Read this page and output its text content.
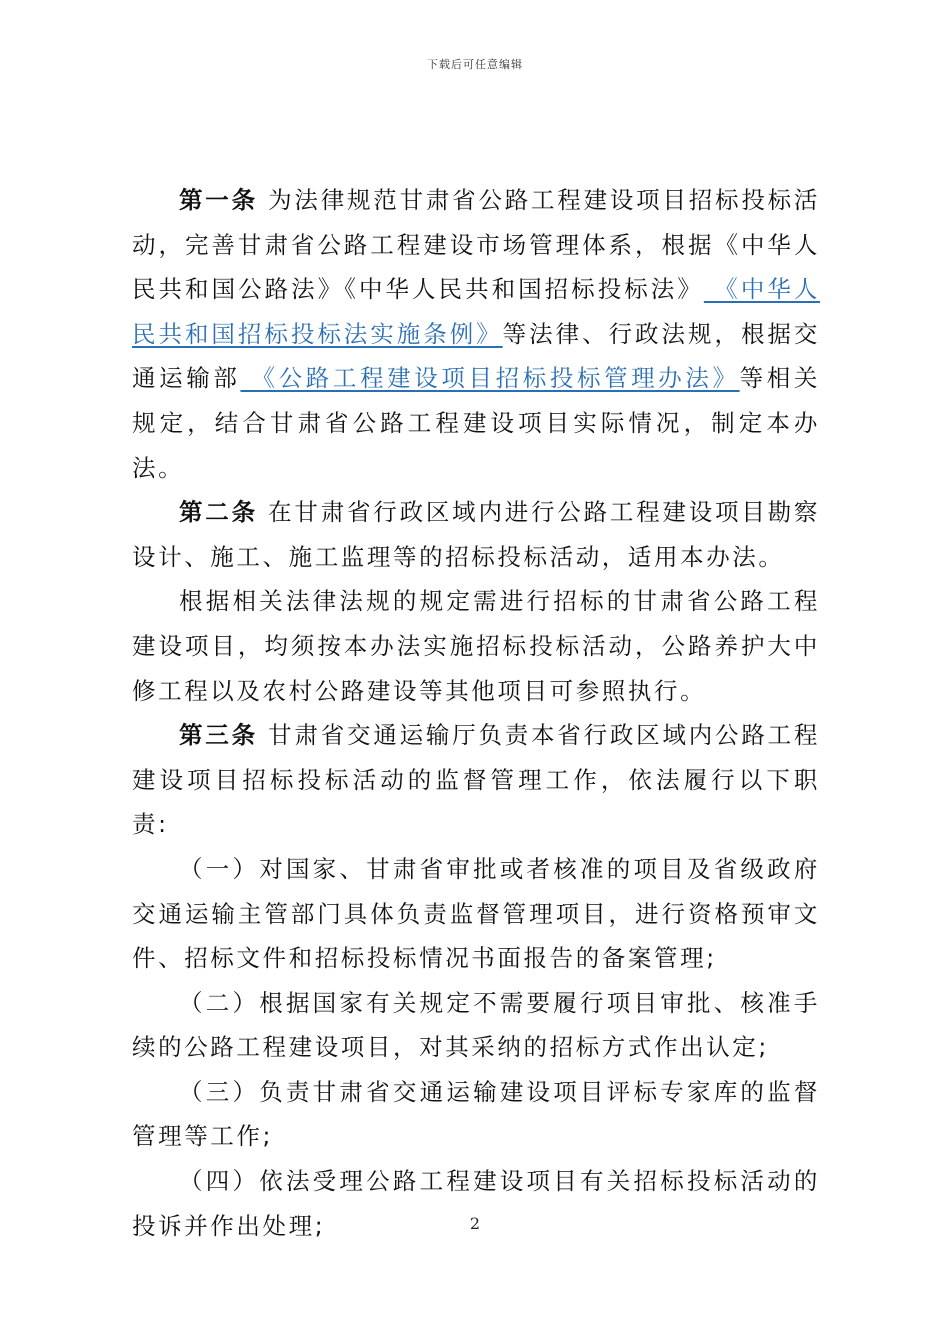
下载后可任意编辑

第一条 为法律规范甘肃省公路工程建设项目招标投标活动，完善甘肃省公路工程建设市场管理体系，根据《中华人民共和国公路法》《中华人民共和国招标投标法》 《中华人民共和国招标投标法实施条例》等法律、行政法规，根据交通运输部 《公路工程建设项目招标投标管理办法》等相关规定，结合甘肃省公路工程建设项目实际情况，制定本办法。

第二条 在甘肃省行政区域内进行公路工程建设项目勘察设计、施工、施工监理等的招标投标活动，适用本办法。

根据相关法律法规的规定需进行招标的甘肃省公路工程建设项目，均须按本办法实施招标投标活动，公路养护大中修工程以及农村公路建设等其他项目可参照执行。

第三条 甘肃省交通运输厅负责本省行政区域内公路工程建设项目招标投标活动的监督管理工作，依法履行以下职责:

（一）对国家、甘肃省审批或者核准的项目及省级政府交通运输主管部门具体负责监督管理项目，进行资格预审文件、招标文件和招标投标情况书面报告的备案管理;

（二）根据国家有关规定不需要履行项目审批、核准手续的公路工程建设项目，对其采纳的招标方式作出认定;

（三）负责甘肃省交通运输建设项目评标专家库的监督管理等工作;

（四）依法受理公路工程建设项目有关招标投标活动的投诉并作出处理;	2
